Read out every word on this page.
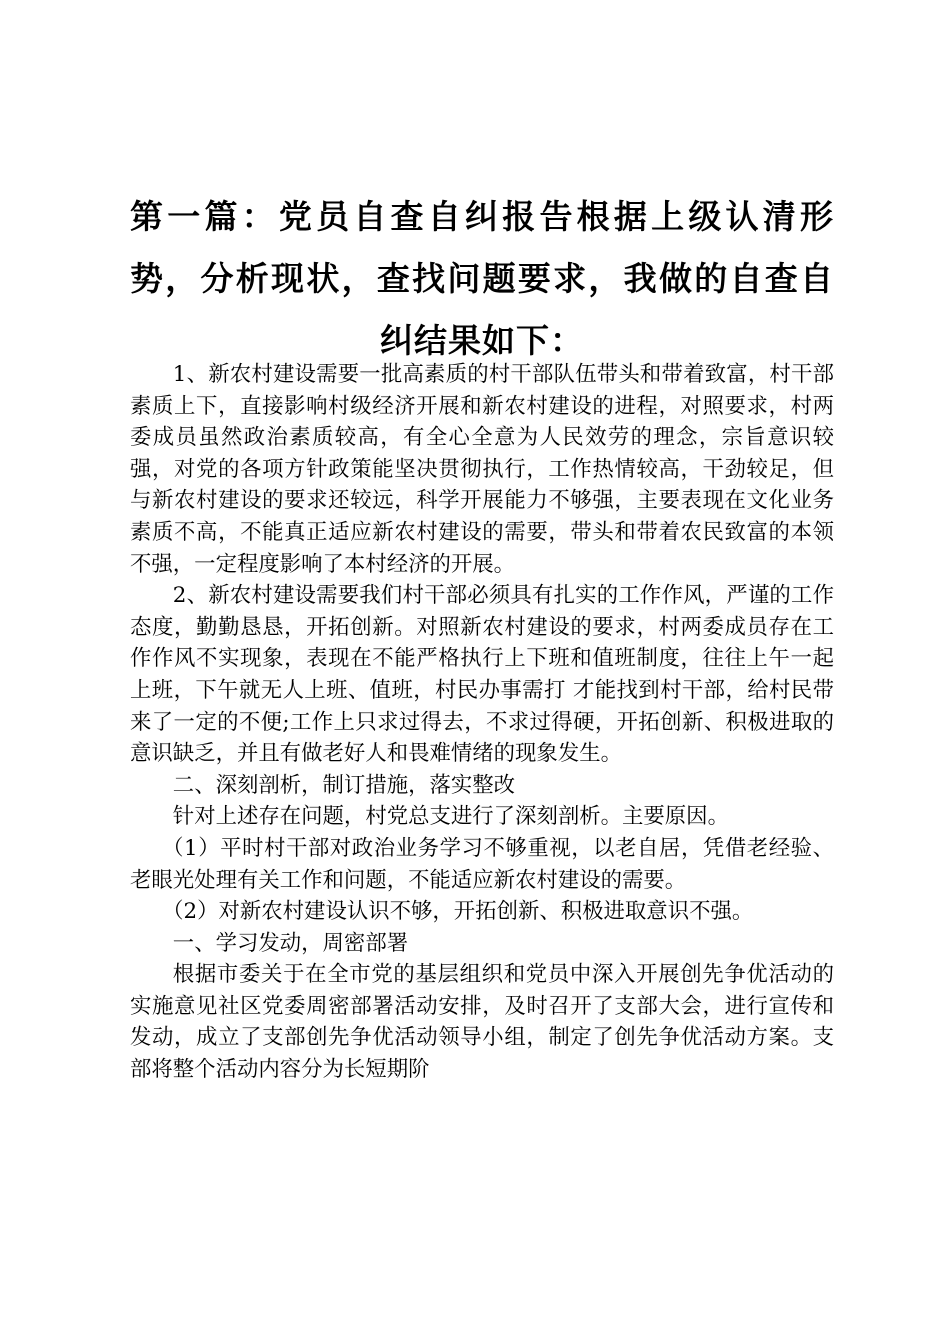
第一篇：党员自查自纠报告根据上级认清形势，分析现状，查找问题要求，我做的自查自纠结果如下：

1、新农村建设需要一批高素质的村干部队伍带头和带着致富，村干部素质上下，直接影响村级经济开展和新农村建设的进程，对照要求，村两委成员虽然政治素质较高，有全心全意为人民效劳的理念，宗旨意识较强，对党的各项方针政策能坚决贯彻执行，工作热情较高，干劲较足，但与新农村建设的要求还较远，科学开展能力不够强，主要表现在文化业务素质不高，不能真正适应新农村建设的需要，带头和带着农民致富的本领不强，一定程度影响了本村经济的开展。

2、新农村建设需要我们村干部必须具有扎实的工作作风，严谨的工作态度，勤勤恳恳，开拓创新。对照新农村建设的要求，村两委成员存在工作作风不实现象，表现在不能严格执行上下班和值班制度，往往上午一起上班，下午就无人上班、值班，村民办事需打 才能找到村干部，给村民带来了一定的不便;工作上只求过得去，不求过得硬，开拓创新、积极进取的意识缺乏，并且有做老好人和畏难情绪的现象发生。

二、深刻剖析，制订措施，落实整改

针对上述存在问题，村党总支进行了深刻剖析。主要原因。

（1）平时村干部对政治业务学习不够重视，以老自居，凭借老经验、老眼光处理有关工作和问题，不能适应新农村建设的需要。

（2）对新农村建设认识不够，开拓创新、积极进取意识不强。

一、学习发动，周密部署

根据市委关于在全市党的基层组织和党员中深入开展创先争优活动的实施意见社区党委周密部署活动安排，及时召开了支部大会，进行宣传和发动，成立了支部创先争优活动领导小组，制定了创先争优活动方案。支部将整个活动内容分为长短期阶
